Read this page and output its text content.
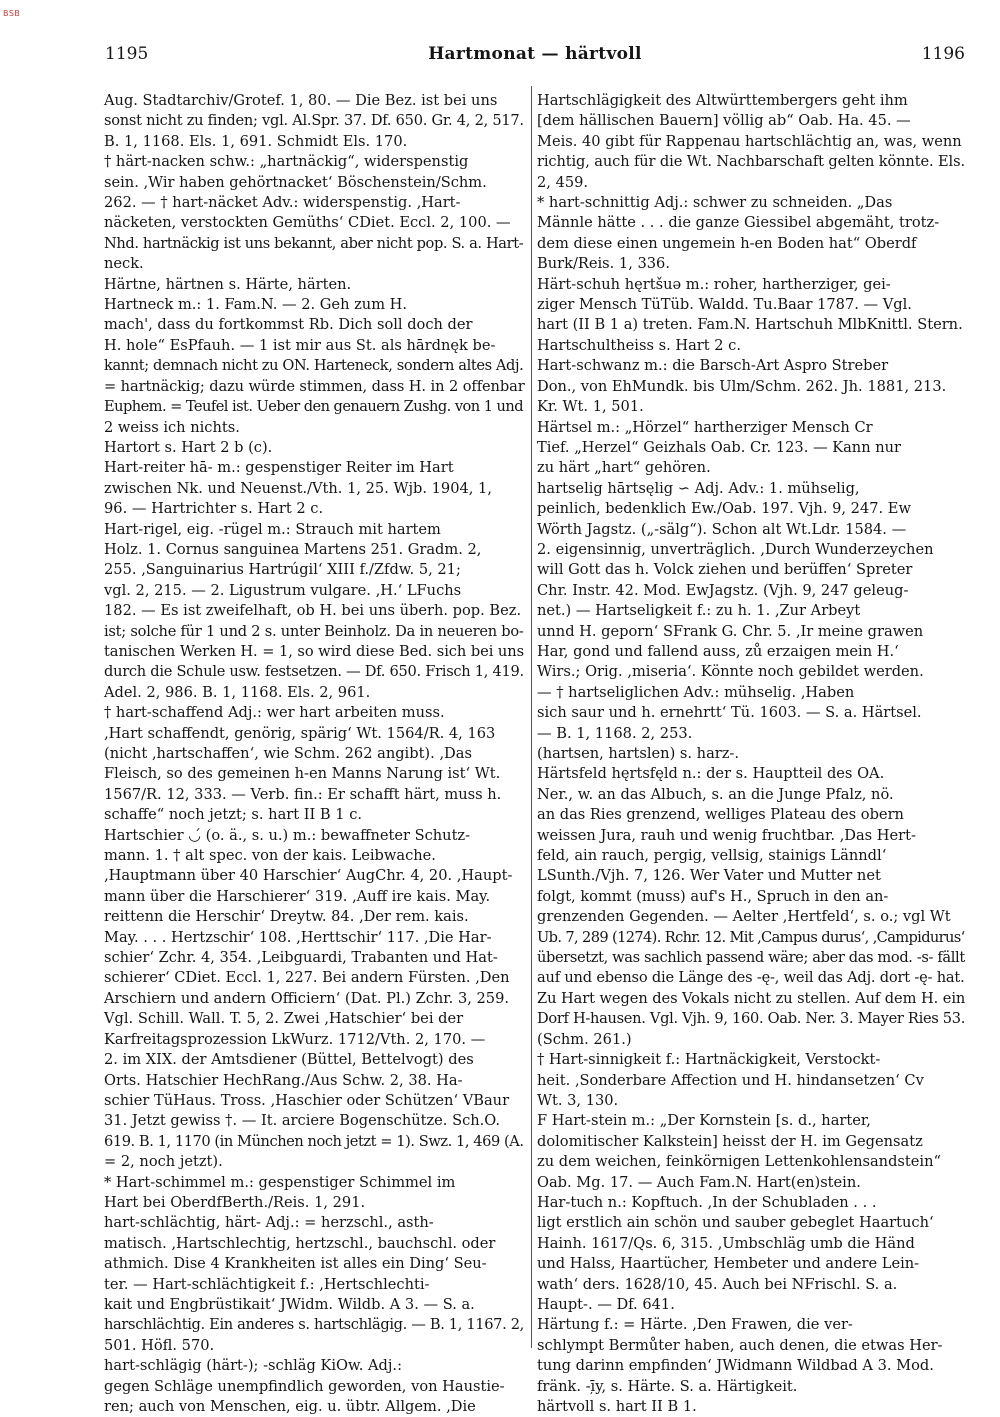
BSB
1195	Hartmonat — härtvoll	1196
Aug. Stadtarchiv/Grotef. 1, 80. — Die Bez. ist bei uns
sonst nicht zu finden; vgl. Al.Spr. 37. Df. 650. Gr. 4, 2, 517.
B. 1, 1168. Els. 1, 691. Schmidt Els. 170.
† härt-nacken schw.: „hartnäckig“, widerspenstig
sein. ‚Wir haben gehörtnacket‘ Böschenstein/Schm.
262. — † hart-näcket Adv.: widerspenstig. ‚Hart-
näcketen, verstockten Gemüths‘ CDiet. Eccl. 2, 100. —
Nhd. hartnäckig ist uns bekannt, aber nicht pop. S. a. Hart-
neck.
Härtne, härtnen s. Härte, härten.
Hartneck m.: 1. Fam.N. — 2. Geh zum H.
mach', dass du fortkommst Rb. Dich soll doch der
H. hole“ EsPfauh. — 1 ist mir aus St. als hārdnęk be-
kannt; demnach nicht zu ON. Harteneck, sondern altes Adj.
= hartnäckig; dazu würde stimmen, dass H. in 2 offenbar
Euphem. = Teufel ist. Ueber den genauern Zushg. von 1 und
2 weiss ich nichts.
Hartort s. Hart 2 b (c).
Hart-reiter hā- m.: gespenstiger Reiter im Hart
zwischen Nk. und Neuenst./Vth. 1, 25. Wjb. 1904, 1,
96. — Hartrichter s. Hart 2 c.
Hart-rigel, eig. -rügel m.: Strauch mit hartem
Holz. 1. Cornus sanguinea Martens 251. Gradm. 2,
255. ‚Sanguinarius Hartrúgil‘ XIII f./Zfdw. 5, 21;
vgl. 2, 215. — 2. Ligustrum vulgare. ‚H.‘ LFuchs
182. — Es ist zweifelhaft, ob H. bei uns überh. pop. Bez.
ist; solche für 1 und 2 s. unter Beinholz. Da in neueren bo-
tanischen Werken H. = 1, so wird diese Bed. sich bei uns
durch die Schule usw. festsetzen. — Df. 650. Frisch 1, 419.
Adel. 2, 986. B. 1, 1168. Els. 2, 961.
† hart-schaffend Adj.: wer hart arbeiten muss.
‚Hart schaffendt, genörig, spärig‘ Wt. 1564/R. 4, 163
(nicht ‚hartschaffen‘, wie Schm. 262 angibt). ‚Das
Fleisch, so des gemeinen h-en Manns Narung ist‘ Wt.
1567/R. 12, 333. — Verb. fin.: Er schafft härt, muss h.
schaffe“ noch jetzt; s. hart II B 1 c.
Hartschier ◡́ (o. ä., s. u.) m.: bewaffneter Schutz-
mann. 1. † alt spec. von der kais. Leibwache.
‚Hauptmann über 40 Harschier‘ AugChr. 4, 20. ‚Haupt-
mann über die Harschierer‘ 319. ‚Auff ire kais. May.
reittenn die Herschir‘ Dreytw. 84. ‚Der rem. kais.
May. . . . Hertzschir‘ 108. ‚Herttschir‘ 117. ‚Die Har-
schier‘ Zchr. 4, 354. ‚Leibguardi, Trabanten und Hat-
schierer‘ CDiet. Eccl. 1, 227. Bei andern Fürsten. ‚Den
Arschiern und andern Officiern‘ (Dat. Pl.) Zchr. 3, 259.
Vgl. Schill. Wall. T. 5, 2. Zwei ‚Hatschier‘ bei der
Karfreitagsprozession LkWurz. 1712/Vth. 2, 170. —
2. im XIX. der Amtsdiener (Büttel, Bettelvogt) des
Orts. Hatschier HechRang./Aus Schw. 2, 38. Ha-
schier TüHaus. Tross. ‚Haschier oder Schützen‘ VBaur
31. Jetzt gewiss †. — It. arciere Bogenschütze. Sch.O.
619. B. 1, 1170 (in München noch jetzt = 1). Swz. 1, 469 (A.
= 2, noch jetzt).
* Hart-schimmel m.: gespenstiger Schimmel im
Hart bei OberdfBerth./Reis. 1, 291.
hart-schlächtig, härt- Adj.: = herzschl., asth-
matisch. ‚Hartschlechtig, hertzschl., bauchschl. oder
athmich. Dise 4 Krankheiten ist alles ein Ding‘ Seu-
ter. — Hart-schlächtigkeit f.: ‚Hertschlechti-
kait und Engbrüstikait‘ JWidm. Wildb. A 3. — S. a.
harschlächtig. Ein anderes s. hartschlägig. — B. 1, 1167. 2,
501. Höfl. 570.
hart-schlägig (härt-); -schläg KiOw. Adj.:
gegen Schläge unempfindlich geworden, von Haustie-
ren; auch von Menschen, eig. u. übtr. Allgem. ‚Die
Hartschlägigkeit des Altwürttembergers geht ihm
[dem hällischen Bauern] völlig ab“ Oab. Ha. 45. —
Meis. 40 gibt für Rappenau hartschlächtig an, was, wenn
richtig, auch für die Wt. Nachbarschaft gelten könnte. Els.
2, 459.
* hart-schnittig Adj.: schwer zu schneiden. „Das
Männle hätte . . . die ganze Giessibel abgemäht, trotz-
dem diese einen ungemein h-en Boden hat“ Oberdf
Burk/Reis. 1, 336.
Härt-schuh hęrtšuə m.: roher, hartherziger, gei-
ziger Mensch TüTüb. Waldd. Tu.Baar 1787. — Vgl.
hart (II B 1 a) treten. Fam.N. Hartschuh MlbKnittl. Stern.
Hartschultheiss s. Hart 2 c.
Hart-schwanz m.: die Barsch-Art Aspro Streber
Don., von EhMundk. bis Ulm/Schm. 262. Jh. 1881, 213.
Kr. Wt. 1, 501.
Härtsel m.: „Hörzel“ hartherziger Mensch Cr
Tief. „Herzel“ Geizhals Oab. Cr. 123. — Kann nur
zu härt „hart“ gehören.
hartselig hārtsęlig ∽ Adj. Adv.: 1. mühselig,
peinlich, bedenklich Ew./Oab. 197. Vjh. 9, 247. Ew
Wörth Jagstz. („-sälg“). Schon alt Wt.Ldr. 1584. —
2. eigensinnig, unverträglich. ‚Durch Wunderzeychen
will Gott das h. Volck ziehen und berüffen‘ Spreter
Chr. Instr. 42. Mod. EwJagstz. (Vjh. 9, 247 geleug-
net.) — Hartseligkeit f.: zu h. 1. ‚Zur Arbeyt
unnd H. geporn‘ SFrank G. Chr. 5. ‚Ir meine grawen
Har, gond und fallend auss, zů erzaigen mein H.‘
Wirs.; Orig. ‚miseria‘. Könnte noch gebildet werden.
— † hartseliglichen Adv.: mühselig. ‚Haben
sich saur und h. ernehrtt‘ Tü. 1603. — S. a. Härtsel.
— B. 1, 1168. 2, 253.
(hartsen, hartslen) s. harz-.
Härtsfeld hęrtsfęld n.: der s. Hauptteil des OA.
Ner., w. an das Albuch, s. an die Junge Pfalz, nö.
an das Ries grenzend, welliges Plateau des obern
weissen Jura, rauh und wenig fruchtbar. ‚Das Hert-
feld, ain rauch, pergig, vellsig, stainigs Länndl‘
LSunth./Vjh. 7, 126. Wer Vater und Mutter net
folgt, kommt (muss) auf's H., Spruch in den an-
grenzenden Gegenden. — Aelter ‚Hertfeld‘, s. o.; vgl Wt
Ub. 7, 289 (1274). Rchr. 12. Mit ‚Campus durus‘, ‚Campidurus‘
übersetzt, was sachlich passend wäre; aber das mod. -s- fällt
auf und ebenso die Länge des -ę-, weil das Adj. dort -ę- hat.
Zu Hart wegen des Vokals nicht zu stellen. Auf dem H. ein
Dorf H-hausen. Vgl. Vjh. 9, 160. Oab. Ner. 3. Mayer Ries 53.
(Schm. 261.)
† Hart-sinnigkeit f.: Hartnäckigkeit, Verstockt-
heit. ‚Sonderbare Affection und H. hindansetzen‘ Cv
Wt. 3, 130.
F Hart-stein m.: „Der Kornstein [s. d., harter,
dolomitischer Kalkstein] heisst der H. im Gegensatz
zu dem weichen, feinkörnigen Lettenkohlensandstein“
Oab. Mg. 17. — Auch Fam.N. Hart(en)stein.
Har-tuch n.: Kopftuch. ‚In der Schubladen . . .
ligt erstlich ain schön und sauber gebeglet Haartuch‘
Hainh. 1617/Qs. 6, 315. ‚Umbschläg umb die Händ
und Halss, Haartücher, Hembeter und andere Lein-
wath‘ ders. 1628/10, 45. Auch bei NFrischl. S. a.
Haupt-. — Df. 641.
Härtung f.: = Härte. ‚Den Frawen, die ver-
schlympt Bermůter haben, auch denen, die etwas Her-
tung darinn empfinden‘ JWidmann Wildbad A 3. Mod.
fränk. -ī̦y, s. Härte. S. a. Härtigkeit.
härtvoll s. hart II B 1.
